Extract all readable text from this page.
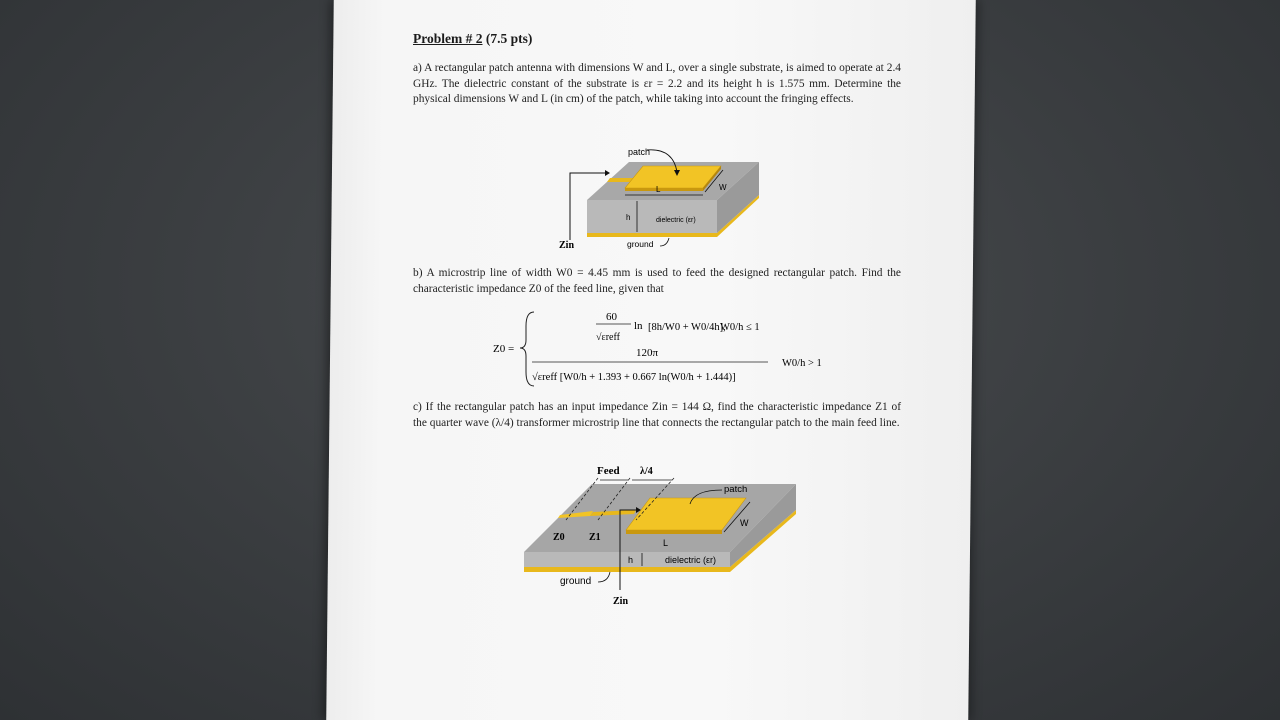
Problem # 2 (7.5 pts)
a) A rectangular patch antenna with dimensions W and L, over a single substrate, is aimed to operate at 2.4 GHz. The dielectric constant of the substrate is εr = 2.2 and its height h is 1.575 mm. Determine the physical dimensions W and L (in cm) of the patch, while taking into account the fringing effects.
patch
L	W
h	dielectric (εr)
ground
Zin
b) A microstrip line of width W0 = 4.45 mm is used to feed the designed rectangular patch. Find the characteristic impedance Z0 of the feed line, given that
Z0 =
60
√εreff
ln [8h/W0 + W0/4h],
W0/h ≤ 1
120π
√εreff [W0/h + 1.393 + 0.667 ln(W0/h + 1.444)]
W0/h > 1
c) If the rectangular patch has an input impedance Zin = 144 Ω, find the characteristic impedance Z1 of the quarter wave (λ/4) transformer microstrip line that connects the rectangular patch to the main feed line.
Feed λ/4
patch
W
L
Z0 Z1
h	dielectric (εr)
ground
Zin
